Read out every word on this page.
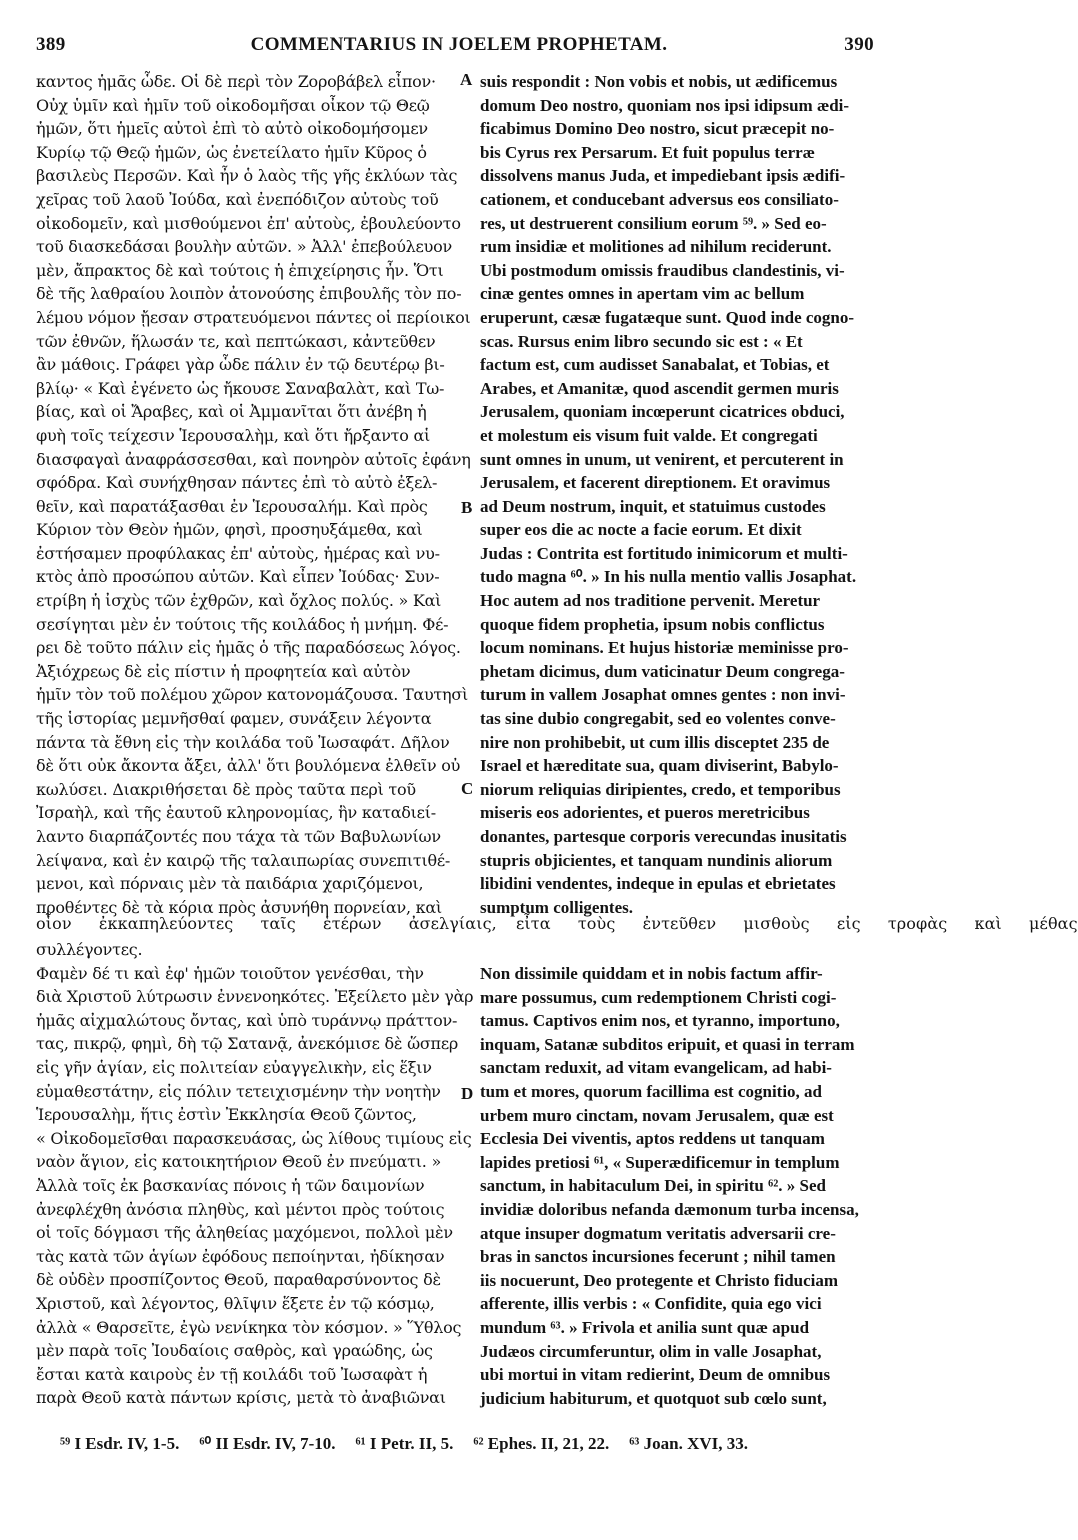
389	COMMENTARIUS IN JOELEM PROPHETAM.	390
καντος ἡμᾶς ὧδε. Οἱ δὲ περὶ τὸν Ζοροβάβελ εἶπον·
Οὐχ ὑμῖν καὶ ἡμῖν τοῦ οἰκοδομῆσαι οἶκον τῷ Θεῷ
ἡμῶν, ὅτι ἡμεῖς αὐτοὶ ἐπὶ τὸ αὐτὸ οἰκοδομήσομεν
Κυρίῳ τῷ Θεῷ ἡμῶν, ὡς ἐνετείλατο ἡμῖν Κῦρος ὁ
βασιλεὺς Περσῶν. Καὶ ἦν ὁ λαὸς τῆς γῆς ἐκλύων τὰς
χεῖρας τοῦ λαοῦ Ἰούδα, καὶ ἐνεπόδιζον αὐτοὺς τοῦ
οἰκοδομεῖν, καὶ μισθούμενοι ἐπ' αὐτοὺς, ἐβουλεύοντο
τοῦ διασκεδάσαι βουλὴν αὐτῶν. » Ἀλλ' ἐπεβούλευον
μὲν, ἄπρακτος δὲ καὶ τούτοις ἡ ἐπιχείρησις ἦν. Ὅτι
δὲ τῆς λαθραίου λοιπὸν ἀτονούσης ἐπιβουλῆς τὸν πο-
λέμου νόμον ᾔεσαν στρατευόμενοι πάντες οἱ περίοικοι
τῶν ἐθνῶν, ἥλωσάν τε, καὶ πεπτώκασι, κἀντεῦθεν
ἂν μάθοις. Γράφει γὰρ ὧδε πάλιν ἐν τῷ δευτέρῳ βι-
βλίῳ· « Καὶ ἐγένετο ὡς ἤκουσε Σαναβαλὰτ, καὶ Τω-
βίας, καὶ οἱ Ἄραβες, καὶ οἱ Ἀμμανῖται ὅτι ἀνέβη ἡ
φυὴ τοῖς τείχεσιν Ἱερουσαλὴμ, καὶ ὅτι ἤρξαντο αἱ
διασφαγαὶ ἀναφράσσεσθαι, καὶ πονηρὸν αὐτοῖς ἐφάνη
σφόδρα. Καὶ συνήχθησαν πάντες ἐπὶ τὸ αὐτὸ ἐξελ-
θεῖν, καὶ παρατάξασθαι ἐν Ἱερουσαλήμ. Καὶ πρὸς
Κύριον τὸν Θεὸν ἡμῶν, φησὶ, προσηυξάμεθα, καὶ
ἐστήσαμεν προφύλακας ἐπ' αὐτοὺς, ἡμέρας καὶ νυ-
κτὸς ἀπὸ προσώπου αὐτῶν. Καὶ εἶπεν Ἰούδας· Συν-
ετρίβη ἡ ἰσχὺς τῶν ἐχθρῶν, καὶ ὄχλος πολύς. » Καὶ
σεσίγηται μὲν ἐν τούτοις τῆς κοιλάδος ἡ μνήμη. Φέ-
ρει δὲ τοῦτο πάλιν εἰς ἡμᾶς ὁ τῆς παραδόσεως λόγος.
Ἀξιόχρεως δὲ εἰς πίστιν ἡ προφητεία καὶ αὐτὸν
ἡμῖν τὸν τοῦ πολέμου χῶρον κατονομάζουσα. Ταυτησὶ
τῆς ἱστορίας μεμνῆσθαί φαμεν, συνάξειν λέγοντα
πάντα τὰ ἔθνη εἰς τὴν κοιλάδα τοῦ Ἰωσαφάτ. Δῆλον
δὲ ὅτι οὐκ ἄκοντα ἄξει, ἀλλ' ὅτι βουλόμενα ἐλθεῖν οὐ
κωλύσει. Διακριθήσεται δὲ πρὸς ταῦτα περὶ τοῦ
Ἰσραὴλ, καὶ τῆς ἑαυτοῦ κληρονομίας, ἣν καταδιεί-
λαντο διαρπάζοντές που τάχα τὰ τῶν Βαβυλωνίων
λείψανα, καὶ ἐν καιρῷ τῆς ταλαιπωρίας συνεπιτιθέ-
μενοι, καὶ πόρναις μὲν τὰ παιδάρια χαριζόμενοι,
προθέντες δὲ τὰ κόρια πρὸς ἀσυνήθη πορνείαν, καὶ
suis respondit : Non vobis et nobis, ut ædificemus
domum Deo nostro, quoniam nos ipsi idipsum ædi-
ficabimus Domino Deo nostro, sicut præcepit no-
bis Cyrus rex Persarum. Et fuit populus terræ
dissolvens manus Juda, et impediebant ipsis ædifi-
cationem, et conducebant adversus eos consiliato-
res, ut destruerent consilium eorum ⁵⁹. » Sed eo-
rum insidiæ et molitiones ad nihilum reciderunt.
Ubi postmodum omissis fraudibus clandestinis, vi-
cinæ gentes omnes in apertam vim ac bellum
eruperunt, cæsæ fugatæque sunt. Quod inde cogno-
scas. Rursus enim libro secundo sic est : « Et
factum est, cum audisset Sanabalat, et Tobias, et
Arabes, et Amanitæ, quod ascendit germen muris
Jerusalem, quoniam incœperunt cicatrices obduci,
et molestum eis visum fuit valde. Et congregati
sunt omnes in unum, ut venirent, et percuterent in
Jerusalem, et facerent direptionem. Et oravimus
ad Deum nostrum, inquit, et statuimus custodes
super eos die ac nocte a facie eorum. Et dixit
Judas : Contrita est fortitudo inimicorum et multi-
tudo magna ⁶⁰. » In his nulla mentio vallis Josaphat.
Hoc autem ad nos traditione pervenit. Meretur
quoque fidem prophetia, ipsum nobis conflictus
locum nominans. Et hujus historiæ meminisse pro-
phetam dicimus, dum vaticinatur Deum congrega-
turum in vallem Josaphat omnes gentes : non invi-
tas sine dubio congregabit, sed eo volentes conve-
nire non prohibebit, ut cum illis disceptet 235 de
Israel et hæreditate sua, quam diviserint, Babylo-
niorum reliquias diripientes, credo, et temporibus
miseris eos adorientes, et pueros meretricibus
donantes, partesque corporis verecundas inusitatis
stupris objicientes, et tanquam nundinis aliorum
libidini vendentes, indeque in epulas et ebrietates
sumptum colligentes.
A
B
C
D
οἷον ἐκκαπηλεύοντες ταῖς ἑτέρων ἀσελγίαις, εἶτα τοὺς ἐντεῦθεν μισθοὺς εἰς τροφὰς καὶ μέθας
συλλέγοντες.
Φαμὲν δέ τι καὶ ἐφ' ἡμῶν τοιοῦτον γενέσθαι, τὴν
διὰ Χριστοῦ λύτρωσιν ἐννενοηκότες. Ἐξείλετο μὲν γὰρ
ἡμᾶς αἰχμαλώτους ὄντας, καὶ ὑπὸ τυράννῳ πράττον-
τας, πικρῷ, φημὶ, δὴ τῷ Σατανᾷ, ἀνεκόμισε δὲ ὥσπερ
εἰς γῆν ἁγίαν, εἰς πολιτείαν εὐαγγελικὴν, εἰς ἕξιν
εὐμαθεστάτην, εἰς πόλιν τετειχισμένην τὴν νοητὴν
Ἱερουσαλὴμ, ἥτις ἐστὶν Ἐκκλησία Θεοῦ ζῶντος,
« Οἰκοδομεῖσθαι παρασκευάσας, ὡς λίθους τιμίους εἰς
ναὸν ἅγιον, εἰς κατοικητήριον Θεοῦ ἐν πνεύματι. »
Ἀλλὰ τοῖς ἐκ βασκανίας πόνοις ἡ τῶν δαιμονίων
ἀνεφλέχθη ἀνόσια πληθὺς, καὶ μέντοι πρὸς τούτοις
οἱ τοῖς δόγμασι τῆς ἀληθείας μαχόμενοι, πολλοὶ μὲν
τὰς κατὰ τῶν ἁγίων ἐφόδους πεποίηνται, ἠδίκησαν
δὲ οὐδὲν προσπίζοντος Θεοῦ, παραθαρσύνοντος δὲ
Χριστοῦ, καὶ λέγοντος, θλῖψιν ἕξετε ἐν τῷ κόσμῳ,
ἀλλὰ « Θαρσεῖτε, ἐγὼ νενίκηκα τὸν κόσμον. » Ὕθλος
μὲν παρὰ τοῖς Ἰουδαίοις σαθρὸς, καὶ γραώδης, ὡς
ἔσται κατὰ καιροὺς ἐν τῇ κοιλάδι τοῦ Ἰωσαφὰτ ἡ
παρὰ Θεοῦ κατὰ πάντων κρίσις, μετὰ τὸ ἀναβιῶναι
Non dissimile quiddam et in nobis factum affir-
mare possumus, cum redemptionem Christi cogi-
tamus. Captivos enim nos, et tyranno, importuno,
inquam, Satanæ subditos eripuit, et quasi in terram
sanctam reduxit, ad vitam evangelicam, ad habi-
tum et mores, quorum facillima est cognitio, ad
urbem muro cinctam, novam Jerusalem, quæ est
Ecclesia Dei viventis, aptos reddens ut tanquam
lapides pretiosi ⁶¹, « Superædificemur in templum
sanctum, in habitaculum Dei, in spiritu ⁶². » Sed
invidiæ doloribus nefanda dæmonum turba incensa,
atque insuper dogmatum veritatis adversarii cre-
bras in sanctos incursiones fecerunt ; nihil tamen
iis nocuerunt, Deo protegente et Christo fiduciam
afferente, illis verbis : « Confidite, quia ego vici
mundum ⁶³. » Frivola et anilia sunt quæ apud
Judæos circumferuntur, olim in valle Josaphat,
ubi mortui in vitam redierint, Deum de omnibus
judicium habiturum, et quotquot sub cœlo sunt,
⁵⁹ I Esdr. IV, 1-5. ⁶⁰ II Esdr. IV, 7-10. ⁶¹ I Petr. II, 5. ⁶² Ephes. II, 21, 22. ⁶³ Joan. XVI, 33.
